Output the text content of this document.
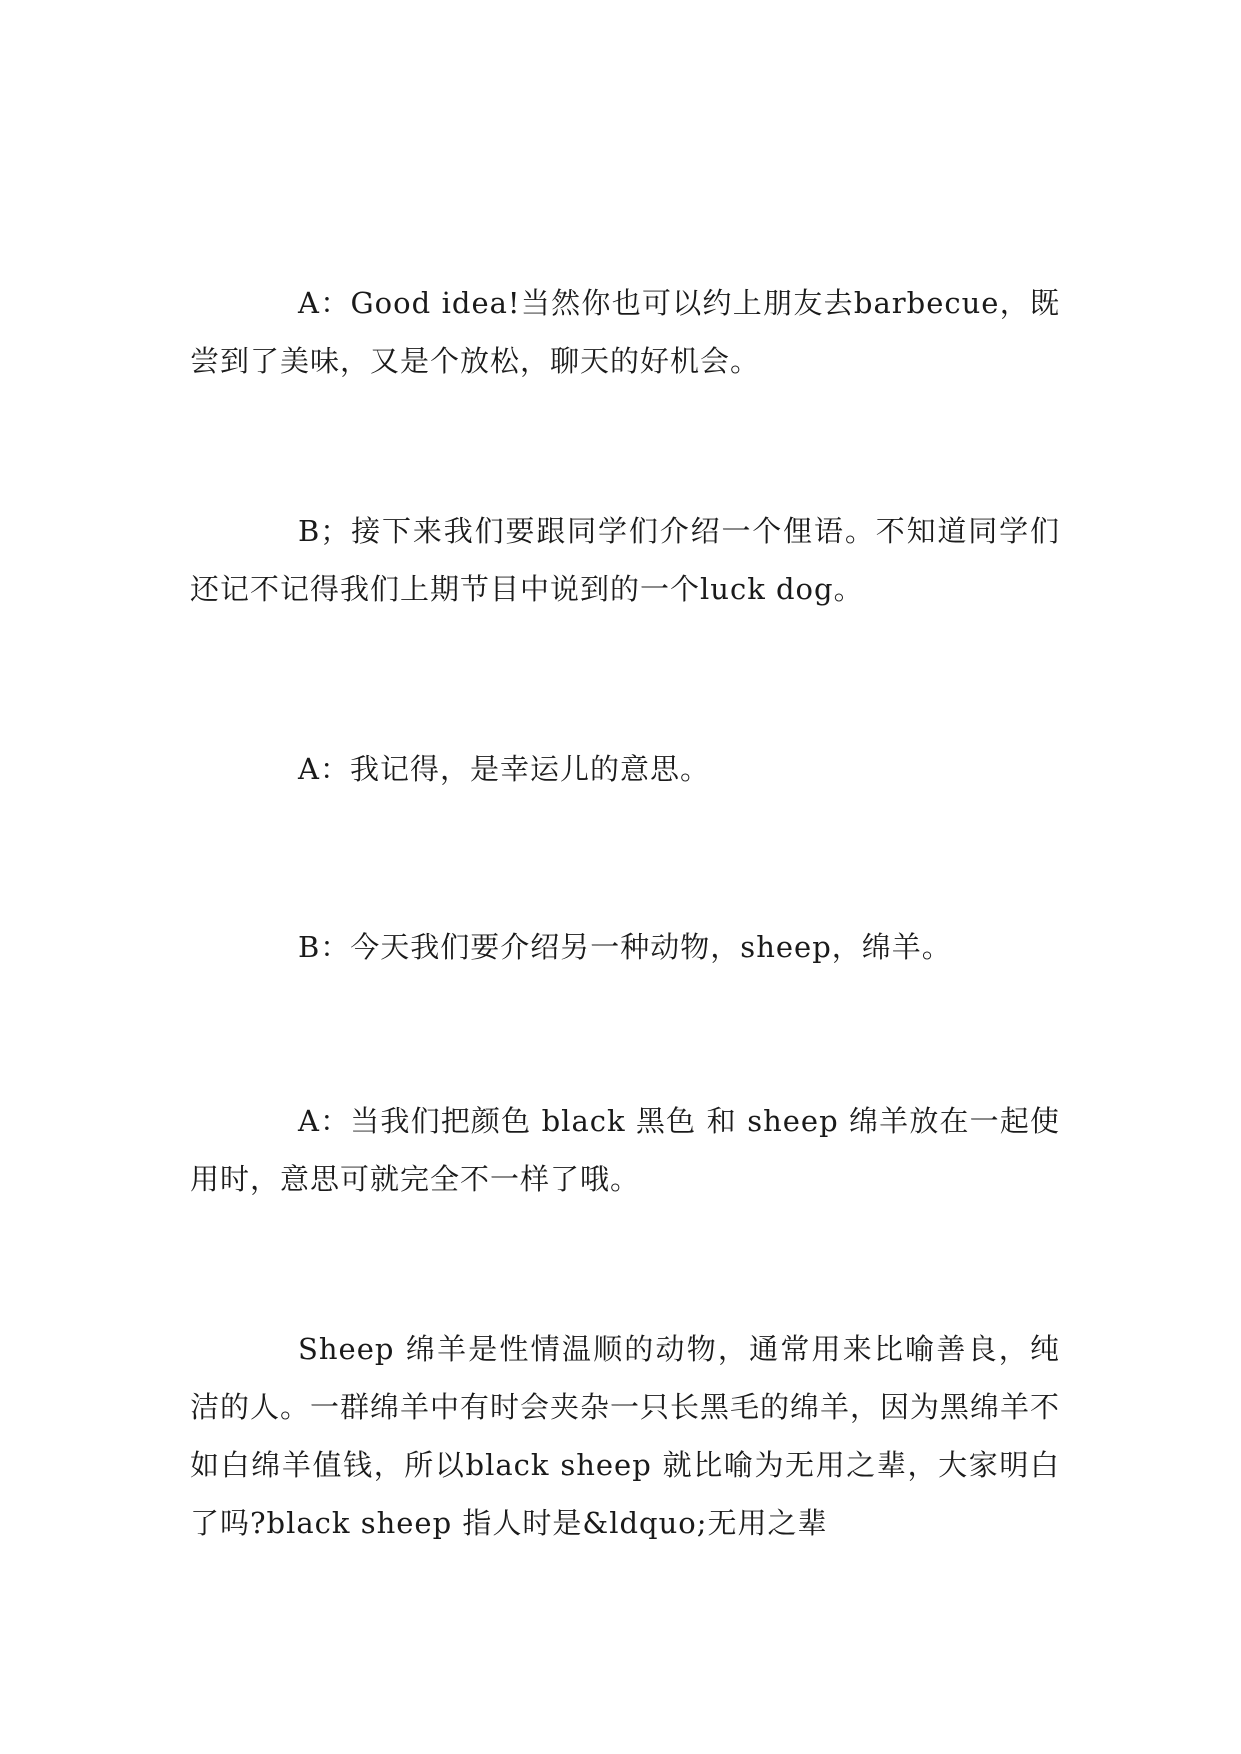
A：Good idea!当然你也可以约上朋友去barbecue，既尝到了美味，又是个放松，聊天的好机会。

B；接下来我们要跟同学们介绍一个俚语。不知道同学们还记不记得我们上期节目中说到的一个luck dog。

A：我记得，是幸运儿的意思。

B：今天我们要介绍另一种动物，sheep，绵羊。

A：当我们把颜色 black 黑色 和 sheep 绵羊放在一起使用时，意思可就完全不一样了哦。

Sheep 绵羊是性情温顺的动物，通常用来比喻善良，纯洁的人。一群绵羊中有时会夹杂一只长黑毛的绵羊，因为黑绵羊不如白绵羊值钱，所以black sheep 就比喻为无用之辈，大家明白了吗?black sheep 指人时是&ldquo;无用之辈
